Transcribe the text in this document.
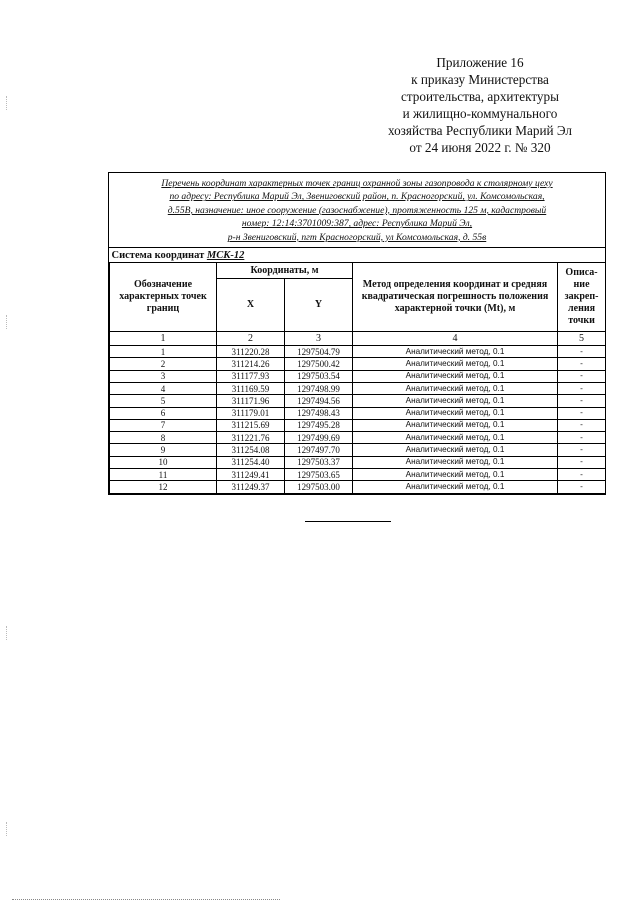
Приложение 16
к приказу Министерства
строительства, архитектуры
и жилищно-коммунального
хозяйства Республики Марий Эл
от 24 июня 2022 г. № 320
Перечень координат характерных точек границ охранной зоны газопровода к столярному цеху
по адресу: Республика Марий Эл, Звениговский район, п. Красногорский, ул. Комсомольская,
д.55В, назначение: иное сооружение (газоснабжение), протяженность 125 м, кадастровый
номер: 12:14:3701009:387, адрес: Республика Марий Эл,
р-н Звениговский, пгт Красногорский, ул Комсомольская, д. 55в
Система координат МСК-12				
Обозначение характерных точек границ	Координаты, м		Метод определения координат и средняя квадратическая погрешность положения характерной точки (Mt), м	Описа-ние закреп-ления точки
	X	Y		
1	2	3	4	5
1	311220.28	1297504.79	Аналитический метод, 0.1	-
2	311214.26	1297500.42	Аналитический метод, 0.1	-
3	311177.93	1297503.54	Аналитический метод, 0.1	-
4	311169.59	1297498.99	Аналитический метод, 0.1	-
5	311171.96	1297494.56	Аналитический метод, 0.1	-
6	311179.01	1297498.43	Аналитический метод, 0.1	-
7	311215.69	1297495.28	Аналитический метод, 0.1	-
8	311221.76	1297499.69	Аналитический метод, 0.1	-
9	311254.08	1297497.70	Аналитический метод, 0.1	-
10	311254.40	1297503.37	Аналитический метод, 0.1	-
11	311249.41	1297503.65	Аналитический метод, 0.1	-
12	311249.37	1297503.00	Аналитический метод, 0.1	-
